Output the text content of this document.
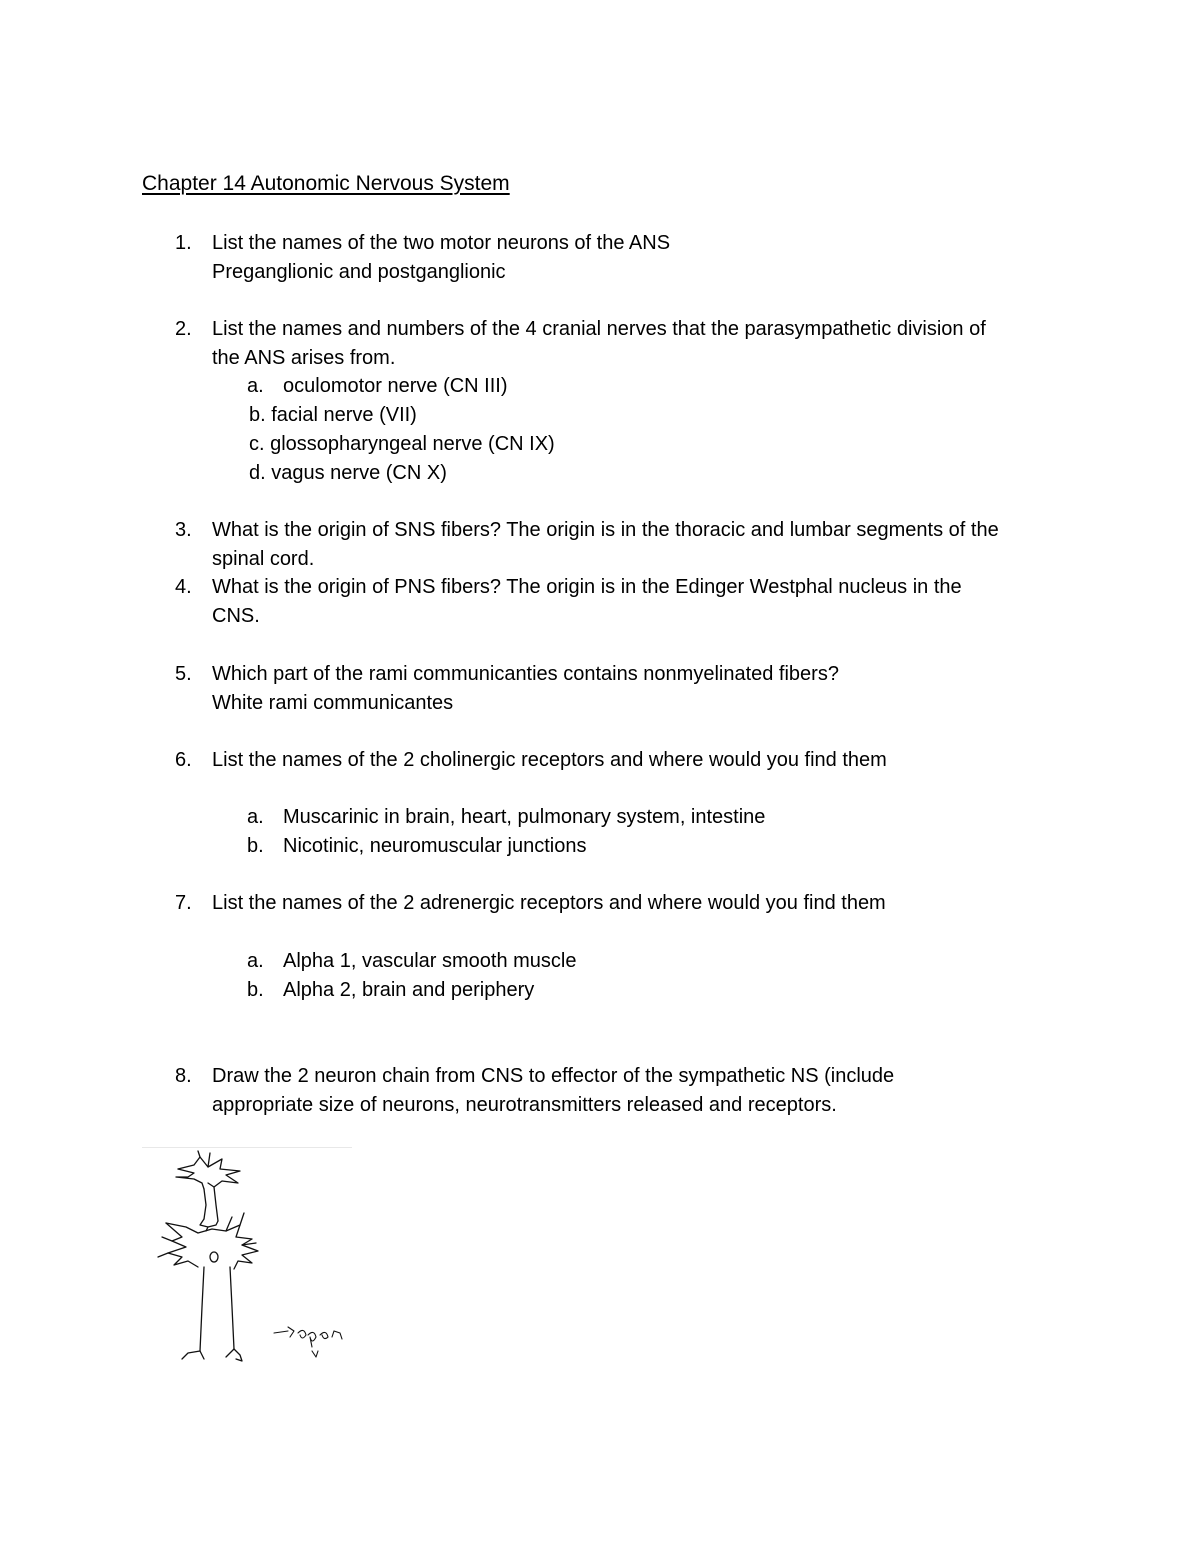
Chapter 14 Autonomic Nervous System
1. List the names of the two motor neurons of the ANS
Preganglionic and postganglionic
2. List the names and numbers of the 4 cranial nerves that the parasympathetic division of
the ANS arises from.
a. oculomotor nerve (CN III)
b. facial nerve (VII)
c. glossopharyngeal nerve (CN IX)
d. vagus nerve (CN X)
3. What is the origin of SNS fibers? The origin is in the thoracic and lumbar segments of the
spinal cord.
4. What is the origin of PNS fibers? The origin is in the Edinger Westphal nucleus in the
CNS.
5. Which part of the rami communicanties contains nonmyelinated fibers?
White rami communicantes
6. List the names of the 2 cholinergic receptors and where would you find them
a. Muscarinic in brain, heart, pulmonary system, intestine
b. Nicotinic, neuromuscular junctions
7. List the names of the 2 adrenergic receptors and where would you find them
a. Alpha 1, vascular smooth muscle
b. Alpha 2, brain and periphery
8. Draw the 2 neuron chain from CNS to effector of the sympathetic NS (include
appropriate size of neurons, neurotransmitters released and receptors.
